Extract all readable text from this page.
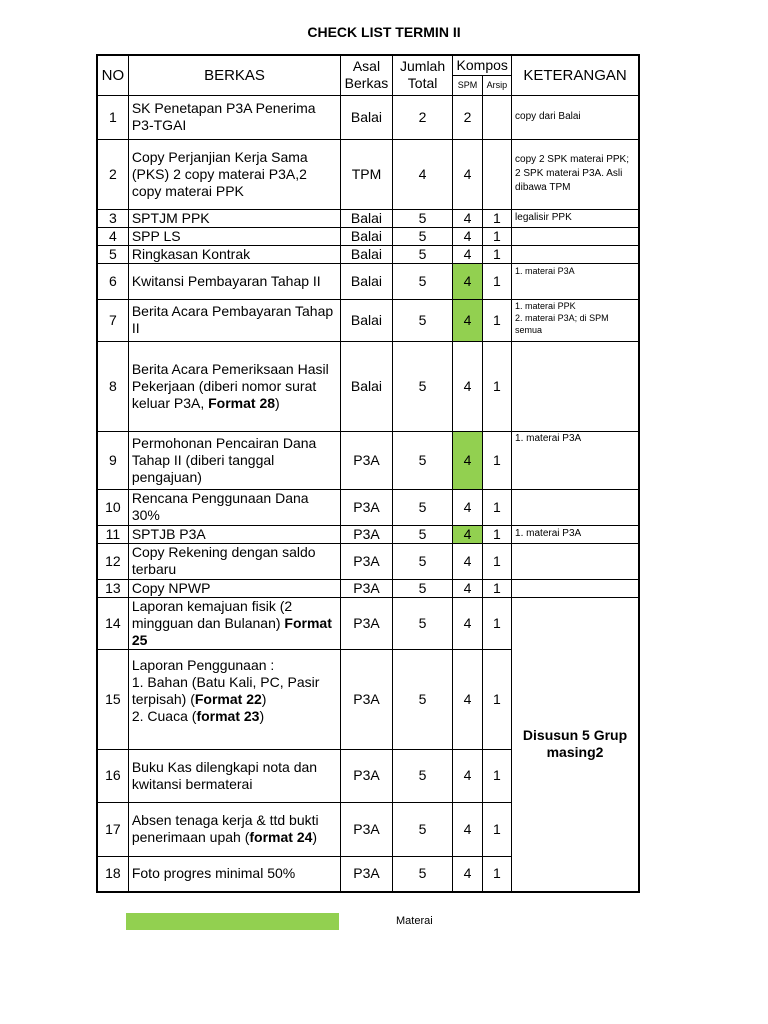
CHECK LIST TERMIN II
NO	BERKAS	Asal Berkas	Jumlah Total	Kompos		KETERANGAN
				SPM	Arsip	
1	SK Penetapan P3A Penerima P3-TGAI	Balai	2	2		copy dari Balai
2	Copy Perjanjian Kerja Sama (PKS) 2 copy materai P3A,2 copy materai PPK	TPM	4	4		copy 2 SPK materai PPK; 2 SPK materai P3A. Asli dibawa TPM
3	SPTJM PPK	Balai	5	4	1	legalisir PPK
4	SPP LS	Balai	5	4	1	
5	Ringkasan Kontrak	Balai	5	4	1	
6	Kwitansi Pembayaran Tahap II	Balai	5	4	1	1. materai P3A
7	Berita Acara Pembayaran Tahap II	Balai	5	4	1	1. materai PPK
2. materai P3A; di SPM semua
8	Berita Acara Pemeriksaan Hasil Pekerjaan (diberi nomor surat keluar P3A, Format 28)	Balai	5	4	1	
9	Permohonan Pencairan Dana Tahap II (diberi tanggal pengajuan)	P3A	5	4	1	1. materai P3A
10	Rencana Penggunaan Dana 30%	P3A	5	4	1	
11	SPTJB P3A	P3A	5	4	1	1. materai P3A
12	Copy Rekening dengan saldo terbaru	P3A	5	4	1	
13	Copy NPWP	P3A	5	4	1	
14	Laporan kemajuan fisik (2 mingguan dan Bulanan) Format 25	P3A	5	4	1	Disusun 5 Grup masing2
15	Laporan Penggunaan :
1. Bahan (Batu Kali, PC, Pasir terpisah) (Format 22)
2. Cuaca (format 23)	P3A	5	4	1	
16	Buku Kas dilengkapi nota dan kwitansi bermaterai	P3A	5	4	1	
17	Absen tenaga kerja & ttd bukti penerimaan upah (format 24)	P3A	5	4	1	
18	Foto progres minimal 50%	P3A	5	4	1	
Materai
